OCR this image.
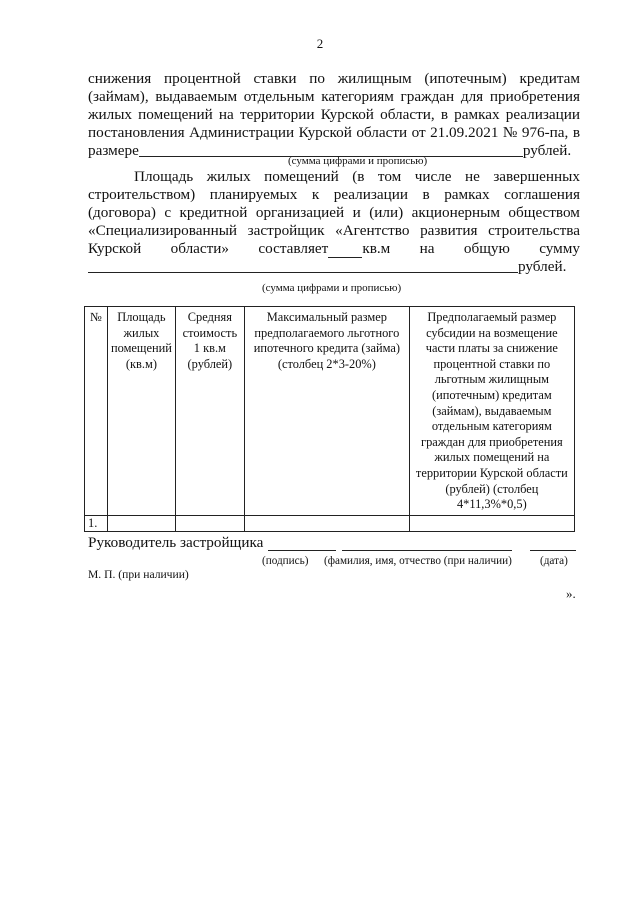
2
снижения процентной ставки по жилищным (ипотечным) кредитам
(займам), выдаваемым отдельным категориям граждан для приобретения
жилых помещений на территории Курской области, в рамках реализации
постановления Администрации Курской области от 21.09.2021 № 976-па, в
размере	рублей.
(сумма цифрами и прописью)
Площадь жилых помещений (в том числе не завершенных
строительством) планируемых к реализации в рамках соглашения
(договора) с кредитной организацией и (или) акционерным обществом
«Специализированный застройщик «Агентство развития строительства
Курской области» составляет кв.м на общую сумму
рублей.
(сумма цифрами и прописью)
№	Площадь жилых помещений (кв.м)	Средняя стоимость 1 кв.м (рублей)	Максимальный размер предполагаемого льготного ипотечного кредита (займа) (столбец 2*3-20%)	Предполагаемый размер субсидии на возмещение части платы за снижение процентной ставки по льготным жилищным (ипотечным) кредитам (займам), выдаваемым отдельным категориям граждан для приобретения жилых помещений на территории Курской области (рублей) (столбец 4*11,3%*0,5)
1.				
Руководитель застройщика
(подпись) (фамилия, имя, отчество (при наличии)	(дата)
М. П. (при наличии)
».
